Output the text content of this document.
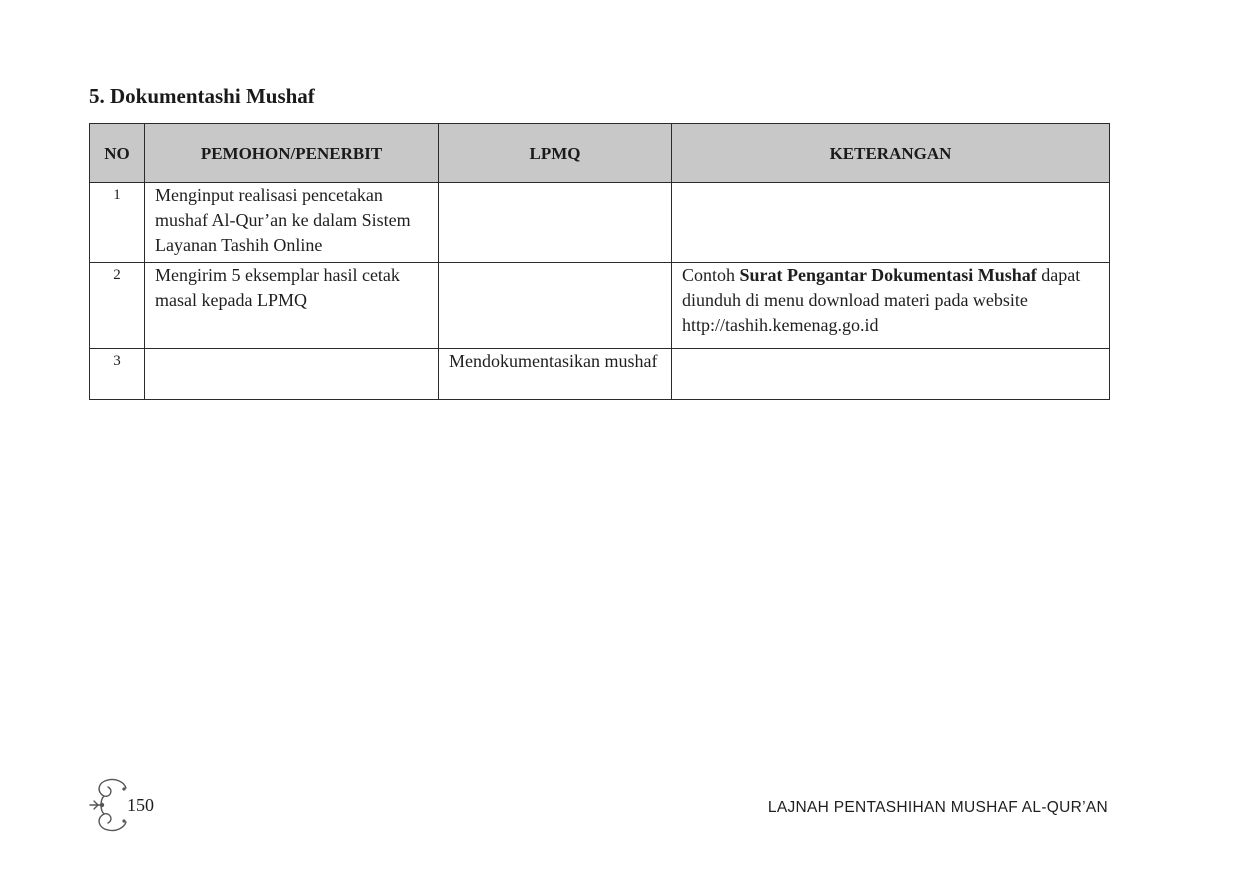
5. Dokumentashi Mushaf
NO	PEMOHON/PENERBIT	LPMQ	KETERANGAN
1	Menginput realisasi pencetakan mushaf Al-Qur’an ke dalam Sistem Layanan Tashih Online		
2	Mengirim 5 eksemplar hasil cetak masal kepada LPMQ		Contoh Surat Pengantar Dokumentasi Mushaf dapat diunduh di menu download materi pada website http://tashih.kemenag.go.id
3		Mendokumentasikan mushaf	
150	LAJNAH PENTASHIHAN MUSHAF AL-QUR’AN
